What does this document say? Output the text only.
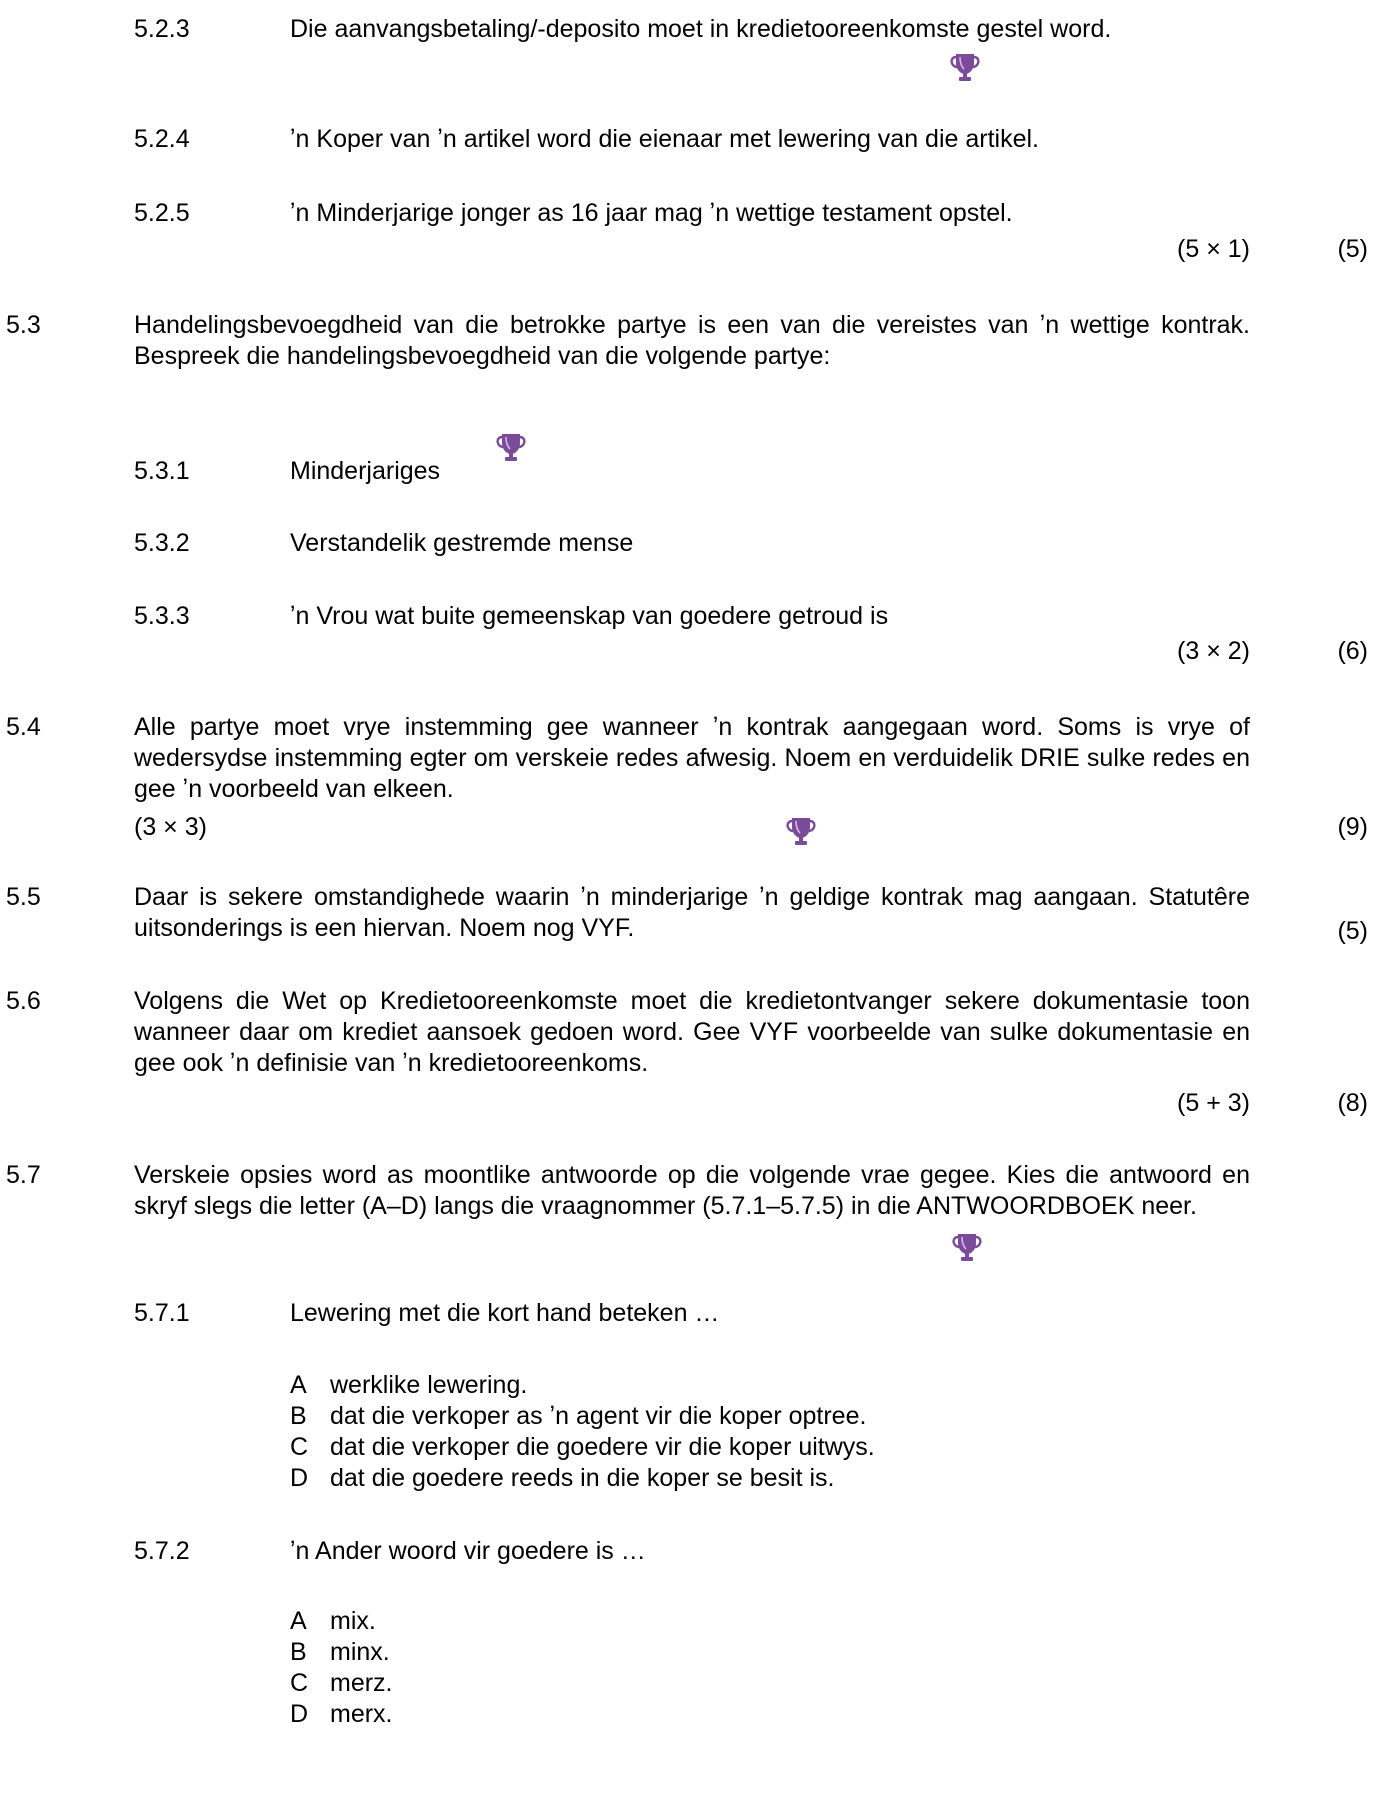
5.2.3	Die aanvangsbetaling/-deposito moet in kredietooreenkomste gestel word.
5.2.4	ʼn Koper van ʼn artikel word die eienaar met lewering van die artikel.
5.2.5	ʼn Minderjarige jonger as 16 jaar mag ʼn wettige testament opstel.
(5 × 1)	(5)
5.3	Handelingsbevoegdheid van die betrokke partye is een van die vereistes van ʼn wettige kontrak. Bespreek die handelingsbevoegdheid van die volgende partye:
5.3.1	Minderjariges
5.3.2	Verstandelik gestremde mense
5.3.3	ʼn Vrou wat buite gemeenskap van goedere getroud is
(3 × 2)	(6)
5.4	Alle partye moet vrye instemming gee wanneer ʼn kontrak aangegaan word. Soms is vrye of wedersydse instemming egter om verskeie redes afwesig. Noem en verduidelik DRIE sulke redes en gee ʼn voorbeeld van elkeen.
(3 × 3)	(9)
5.5	Daar is sekere omstandighede waarin ʼn minderjarige ʼn geldige kontrak mag aangaan. Statutêre uitsonderings is een hiervan. Noem nog VYF.	(5)
5.6	Volgens die Wet op Kredietooreenkomste moet die kredietontvanger sekere dokumentasie toon wanneer daar om krediet aansoek gedoen word. Gee VYF voorbeelde van sulke dokumentasie en gee ook ʼn definisie van ʼn kredietooreenkoms.
(5 + 3)	(8)
5.7	Verskeie opsies word as moontlike antwoorde op die volgende vrae gegee. Kies die antwoord en skryf slegs die letter (A–D) langs die vraagnommer (5.7.1–5.7.5) in die ANTWOORDBOEK neer.
5.7.1	Lewering met die kort hand beteken …
A werklike lewering.
B dat die verkoper as ʼn agent vir die koper optree.
C dat die verkoper die goedere vir die koper uitwys.
D dat die goedere reeds in die koper se besit is.
5.7.2	ʼn Ander woord vir goedere is …
A mix.
B minx.
C merz.
D merx.
